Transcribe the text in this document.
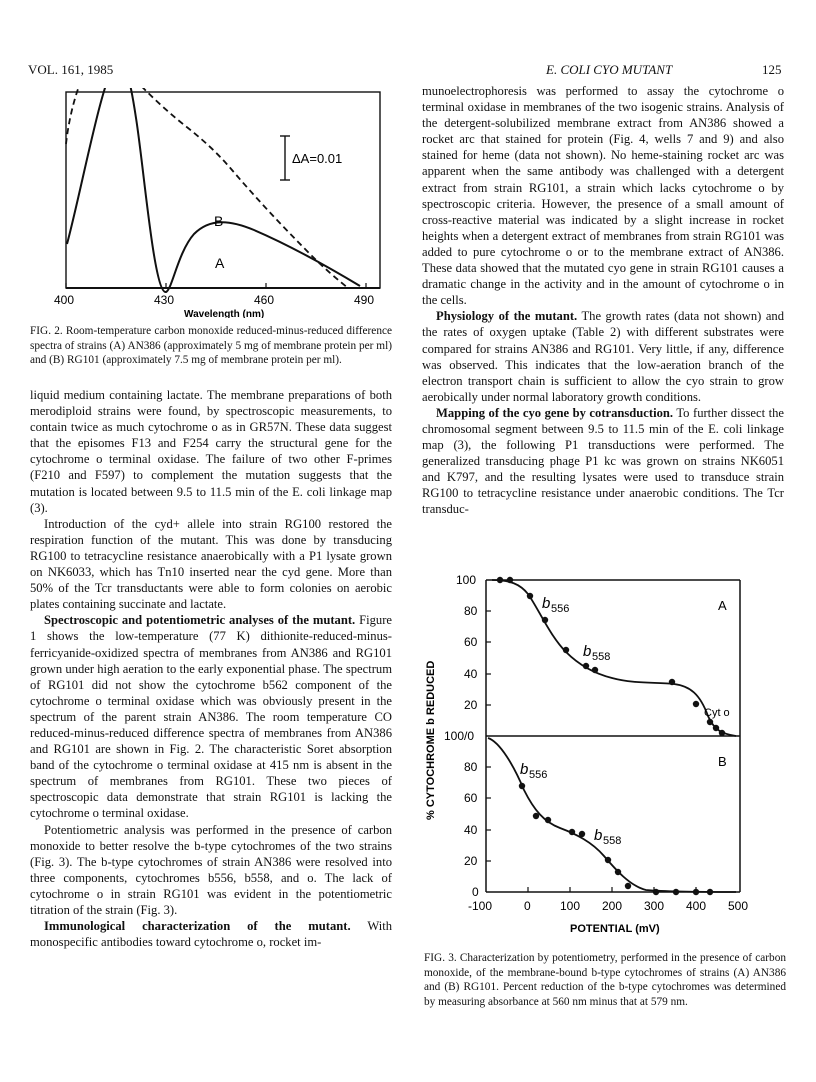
VOL. 161, 1985	E. COLI CYO MUTANT	125
ΔA=0.01
B
A
400	430	460	490
Wavelength (nm)
FIG. 2. Room-temperature carbon monoxide reduced-minus-reduced difference spectra of strains (A) AN386 (approximately 5 mg of membrane protein per ml) and (B) RG101 (approximately 7.5 mg of membrane protein per ml).

liquid medium containing lactate. The membrane preparations of both merodiploid strains were found, by spectroscopic measurements, to contain twice as much cytochrome o as in GR57N. These data suggest that the episomes F13 and F254 carry the structural gene for the cytochrome o terminal oxidase. The failure of two other F-primes (F210 and F597) to complement the mutation suggests that the mutation is located between 9.5 to 11.5 min of the E. coli linkage map (3).

Introduction of the cyd+ allele into strain RG100 restored the respiration function of the mutant. This was done by transducing RG100 to tetracycline resistance anaerobically with a P1 lysate grown on NK6033, which has Tn10 inserted near the cyd gene. More than 50% of the Tcr transductants were able to form colonies on aerobic plates containing succinate and lactate.

Spectroscopic and potentiometric analyses of the mutant. Figure 1 shows the low-temperature (77 K) dithionite-reduced-minus-ferricyanide-oxidized spectra of membranes from AN386 and RG101 grown under high aeration to the early exponential phase. The spectrum of RG101 did not show the cytochrome b562 component of the cytochrome o terminal oxidase which was obviously present in the spectrum of the parent strain AN386. The room temperature CO reduced-minus-reduced difference spectra of membranes from AN386 and RG101 are shown in Fig. 2. The characteristic Soret absorption band of the cytochrome o terminal oxidase at 415 nm is absent in the spectrum of membranes from RG101. These two pieces of spectroscopic data demonstrate that strain RG101 is lacking the cytochrome o terminal oxidase.

Potentiometric analysis was performed in the presence of carbon monoxide to better resolve the b-type cytochromes of the two strains (Fig. 3). The b-type cytochromes of strain AN386 were resolved into three components, cytochromes b556, b558, and o. The lack of cytochrome o in strain RG101 was evident in the potentiometric titration of the strain (Fig. 3).

Immunological characterization of the mutant. With monospecific antibodies toward cytochrome o, rocket im-

munoelectrophoresis was performed to assay the cytochrome o terminal oxidase in membranes of the two isogenic strains. Analysis of the detergent-solubilized membrane extract from AN386 showed a rocket arc that stained for protein (Fig. 4, wells 7 and 9) and also stained for heme (data not shown). No heme-staining rocket arc was apparent when the same antibody was challenged with a detergent extract from strain RG101, a strain which lacks cytochrome o by spectroscopic criteria. However, the presence of a small amount of cross-reactive material was indicated by a slight increase in rocket heights when a detergent extract of membranes from strain RG101 was added to pure cytochrome o or to the membrane extract of AN386. These data showed that the mutated cyo gene in strain RG101 causes a dramatic change in the activity and in the amount of cytochrome o in the cells.

Physiology of the mutant. The growth rates (data not shown) and the rates of oxygen uptake (Table 2) with different substrates were compared for strains AN386 and RG101. Very little, if any, difference was observed. This indicates that the low-aeration branch of the electron transport chain is sufficient to allow the cyo strain to grow aerobically under normal laboratory growth conditions.

Mapping of the cyo gene by cotransduction. To further dissect the chromosomal segment between 9.5 to 11.5 min of the E. coli linkage map (3), the following P1 transductions were performed. The generalized transducing phage P1 kc was grown on strains NK6051 and K797, and the resulting lysates were used to transduce strain RG100 to tetracycline resistance under anaerobic conditions. The Tcr transduc-

b 556
b 558
Cyt o
A
b 556
b 558
B
100
80
60
40
20
100/0
80
60
40
20
0
% CYTOCHROME b REDUCED
-100	0 100 200 300 400 500
POTENTIAL (mV)
FIG. 3. Characterization by potentiometry, performed in the presence of carbon monoxide, of the membrane-bound b-type cytochromes of strains (A) AN386 and (B) RG101. Percent reduction of the b-type cytochromes was determined by measuring absorbance at 560 nm minus that at 579 nm.
